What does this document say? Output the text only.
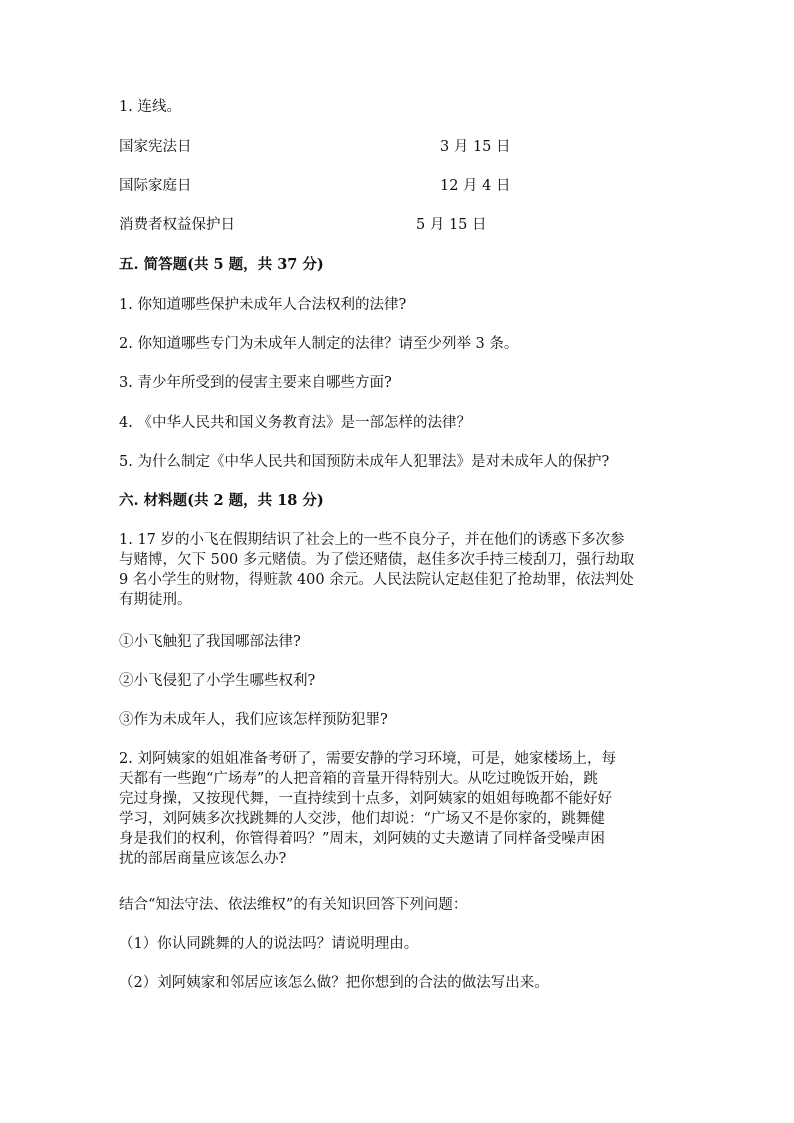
1. 连线。
国家宪法日	3 月 15 日
国际家庭日	12 月 4 日
消费者权益保护日	5 月 15 日
五. 简答题(共 5 题，共 37 分)
1. 你知道哪些保护未成年人合法权利的法律?
2. 你知道哪些专门为未成年人制定的法律？请至少列举 3 条。
3. 青少年所受到的侵害主要来自哪些方面?
4. 《中华人民共和国义务教育法》是一部怎样的法律？
5. 为什么制定《中华人民共和国预防未成年人犯罪法》是对未成年人的保护?
六. 材料题(共 2 题，共 18 分)
1. 17 岁的小飞在假期结识了社会上的一些不良分子，并在他们的诱惑下多次参
与赌博，欠下 500 多元赌债。为了偿还赌债，赵佳多次手持三棱刮刀，强行劫取
9 名小学生的财物，得赃款 400 余元。人民法院认定赵佳犯了抢劫罪，依法判处
有期徒刑。
①小飞触犯了我国哪部法律?
②小飞侵犯了小学生哪些权利?
③作为未成年人，我们应该怎样预防犯罪?
2. 刘阿姨家的姐姐准备考研了，需要安静的学习环境，可是，她家楼场上，每
天都有一些跑“广场寿”的人把音箱的音量开得特别大。从吃过晚饭开始，跳
完过身操，又按现代舞，一直持续到十点多，刘阿姨家的姐姐每晚都不能好好
学习，刘阿姨多次找跳舞的人交涉，他们却说：“广场又不是你家的，跳舞健
身是我们的权利，你管得着吗？”周末，刘阿姨的丈夫邀请了同样备受噪声困
扰的部居商量应该怎么办?
结合“知法守法、依法维权”的有关知识回答下列问题：
（1）你认同跳舞的人的说法吗？请说明理由。
（2）刘阿姨家和邻居应该怎么做？把你想到的合法的做法写出来。
